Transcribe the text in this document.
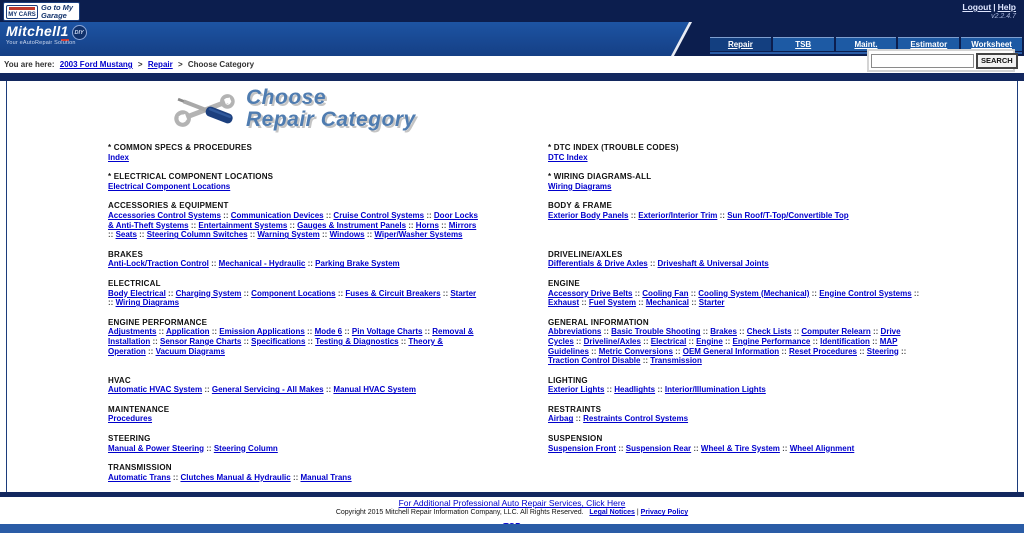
MY CARS
Go to My Garage
Logout | Help
v2.2.4.7
Mitchell1 DIY
Your eAutoRepair Solution	Repair	TSB	Maint.	Estimator	Worksheet
You are here: 2003 Ford Mustang > Repair > Choose Category	SEARCH
Choose
Repair Category
* COMMON SPECS & PROCEDURES
Index
* DTC INDEX (TROUBLE CODES)
DTC Index
* ELECTRICAL COMPONENT LOCATIONS
Electrical Component Locations
* WIRING DIAGRAMS-ALL
Wiring Diagrams
ACCESSORIES & EQUIPMENT
Accessories Control Systems :: Communication Devices :: Cruise Control Systems :: Door Locks & Anti-Theft Systems :: Entertainment Systems :: Gauges & Instrument Panels :: Horns :: Mirrors :: Seats :: Steering Column Switches :: Warning System :: Windows :: Wiper/Washer Systems
BODY & FRAME
Exterior Body Panels :: Exterior/Interior Trim :: Sun Roof/T-Top/Convertible Top
BRAKES
Anti-Lock/Traction Control :: Mechanical - Hydraulic :: Parking Brake System
DRIVELINE/AXLES
Differentials & Drive Axles :: Driveshaft & Universal Joints
ELECTRICAL
Body Electrical :: Charging System :: Component Locations :: Fuses & Circuit Breakers :: Starter :: Wiring Diagrams
ENGINE
Accessory Drive Belts :: Cooling Fan :: Cooling System (Mechanical) :: Engine Control Systems :: Exhaust :: Fuel System :: Mechanical :: Starter
ENGINE PERFORMANCE
Adjustments :: Application :: Emission Applications :: Mode 6 :: Pin Voltage Charts :: Removal & Installation :: Sensor Range Charts :: Specifications :: Testing & Diagnostics :: Theory & Operation :: Vacuum Diagrams
GENERAL INFORMATION
Abbreviations :: Basic Trouble Shooting :: Brakes :: Check Lists :: Computer Relearn :: Drive Cycles :: Driveline/Axles :: Electrical :: Engine :: Engine Performance :: Identification :: MAP Guidelines :: Metric Conversions :: OEM General Information :: Reset Procedures :: Steering :: Traction Control Disable :: Transmission
HVAC
Automatic HVAC System :: General Servicing - All Makes :: Manual HVAC System
LIGHTING
Exterior Lights :: Headlights :: Interior/Illumination Lights
MAINTENANCE
Procedures
RESTRAINTS
Airbag :: Restraints Control Systems
STEERING
Manual & Power Steering :: Steering Column
SUSPENSION
Suspension Front :: Suspension Rear :: Wheel & Tire System :: Wheel Alignment
TRANSMISSION
Automatic Trans :: Clutches Manual & Hydraulic :: Manual Trans
For Additional Professional Auto Repair Services, Click Here
Copyright 2015 Mitchell Repair Information Company, LLC. All Rights Reserved. Legal Notices | Privacy Policy
